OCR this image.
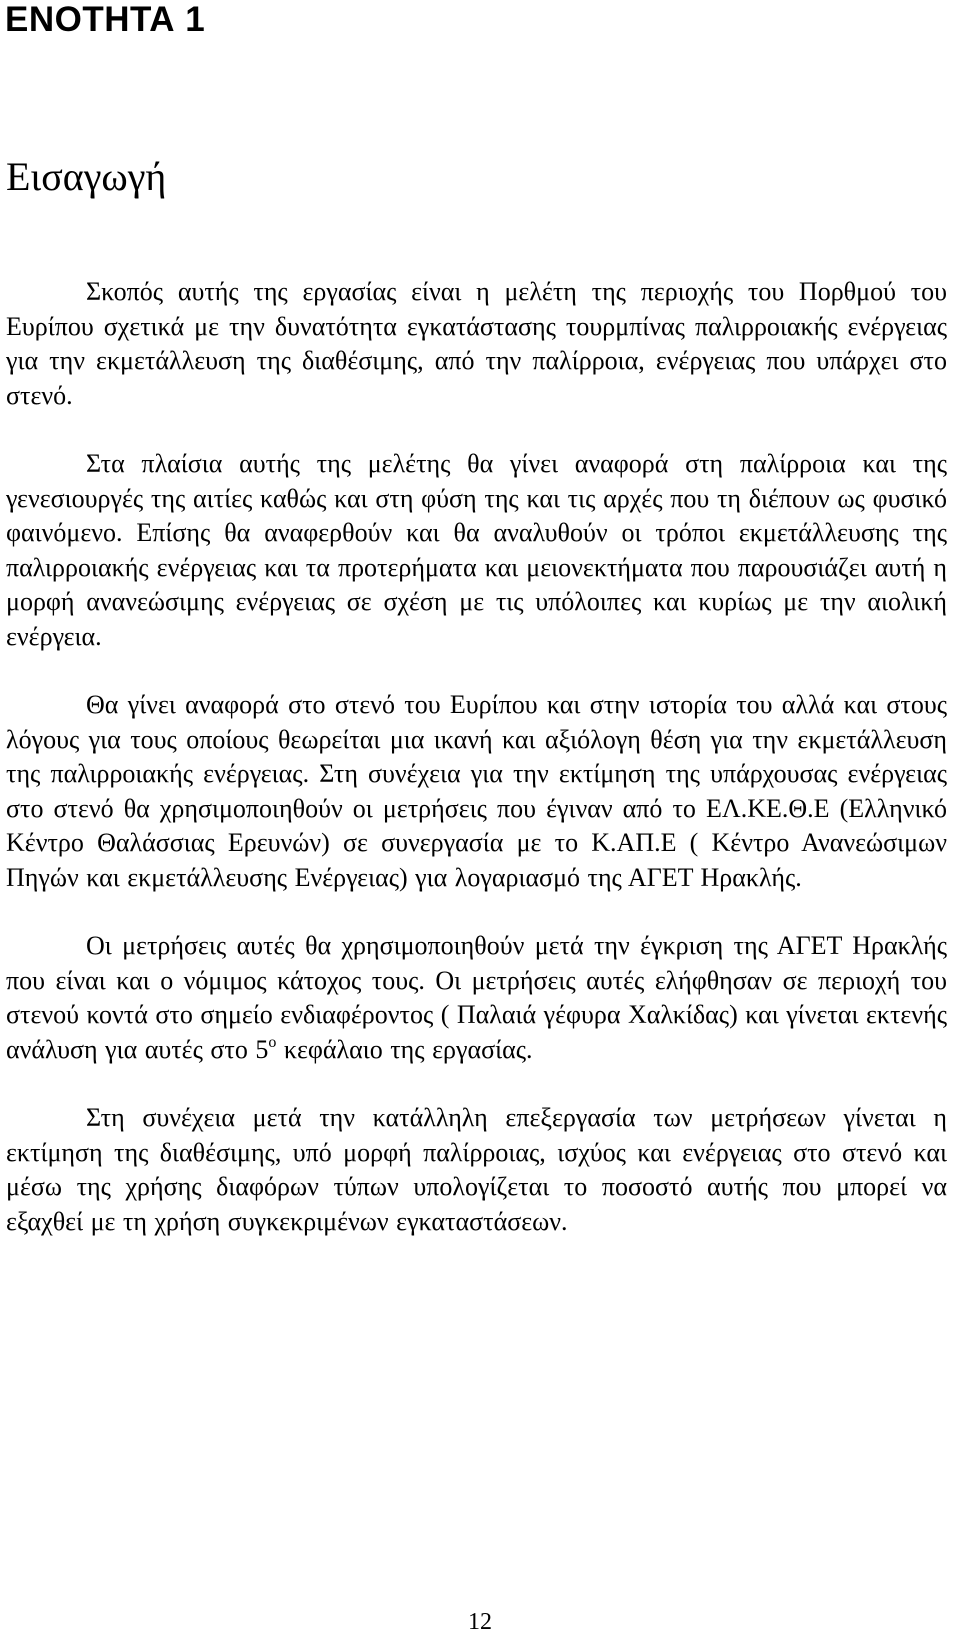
ΕΝΟΤΗΤΑ 1
Εισαγωγή

Σκοπός αυτής της εργασίας είναι η μελέτη της περιοχής του Πορθμού του Ευρίπου σχετικά με την δυνατότητα εγκατάστασης τουρμπίνας παλιρροιακής ενέργειας για την εκμετάλλευση της διαθέσιμης, από την παλίρροια, ενέργειας που υπάρχει στο στενό.

Στα πλαίσια αυτής της μελέτης θα γίνει αναφορά στη παλίρροια και της γενεσιουργές της αιτίες καθώς και στη φύση της και τις αρχές που τη διέπουν ως φυσικό φαινόμενο. Επίσης θα αναφερθούν και θα αναλυθούν οι τρόποι εκμετάλλευσης της παλιρροιακής ενέργειας και τα προτερήματα και μειονεκτήματα που παρουσιάζει αυτή η μορφή ανανεώσιμης ενέργειας σε σχέση με τις υπόλοιπες και κυρίως με την αιολική ενέργεια.

Θα γίνει αναφορά στο στενό του Ευρίπου και στην ιστορία του αλλά και στους λόγους για τους οποίους θεωρείται μια ικανή και αξιόλογη θέση για την εκμετάλλευση της παλιρροιακής ενέργειας. Στη συνέχεια για την εκτίμηση της υπάρχουσας ενέργειας στο στενό θα χρησιμοποιηθούν οι μετρήσεις που έγιναν από το ΕΛ.ΚΕ.Θ.Ε (Ελληνικό Κέντρο Θαλάσσιας Ερευνών) σε συνεργασία με το Κ.ΑΠ.Ε ( Κέντρο Ανανεώσιμων Πηγών και εκμετάλλευσης Ενέργειας) για λογαριασμό της ΑΓΕΤ Ηρακλής.

Οι μετρήσεις αυτές θα χρησιμοποιηθούν μετά την έγκριση της ΑΓΕΤ Ηρακλής που είναι και ο νόμιμος κάτοχος τους. Οι μετρήσεις αυτές ελήφθησαν σε περιοχή του στενού κοντά στο σημείο ενδιαφέροντος ( Παλαιά γέφυρα Χαλκίδας) και γίνεται εκτενής ανάλυση για αυτές στο $5^o$ κεφάλαιο της εργασίας.

Στη συνέχεια μετά την κατάλληλη επεξεργασία των μετρήσεων γίνεται η εκτίμηση της διαθέσιμης, υπό μορφή παλίρροιας, ισχύος και ενέργειας στο στενό και μέσω της χρήσης διαφόρων τύπων υπολογίζεται το ποσοστό αυτής που μπορεί να εξαχθεί με τη χρήση συγκεκριμένων εγκαταστάσεων.

12
